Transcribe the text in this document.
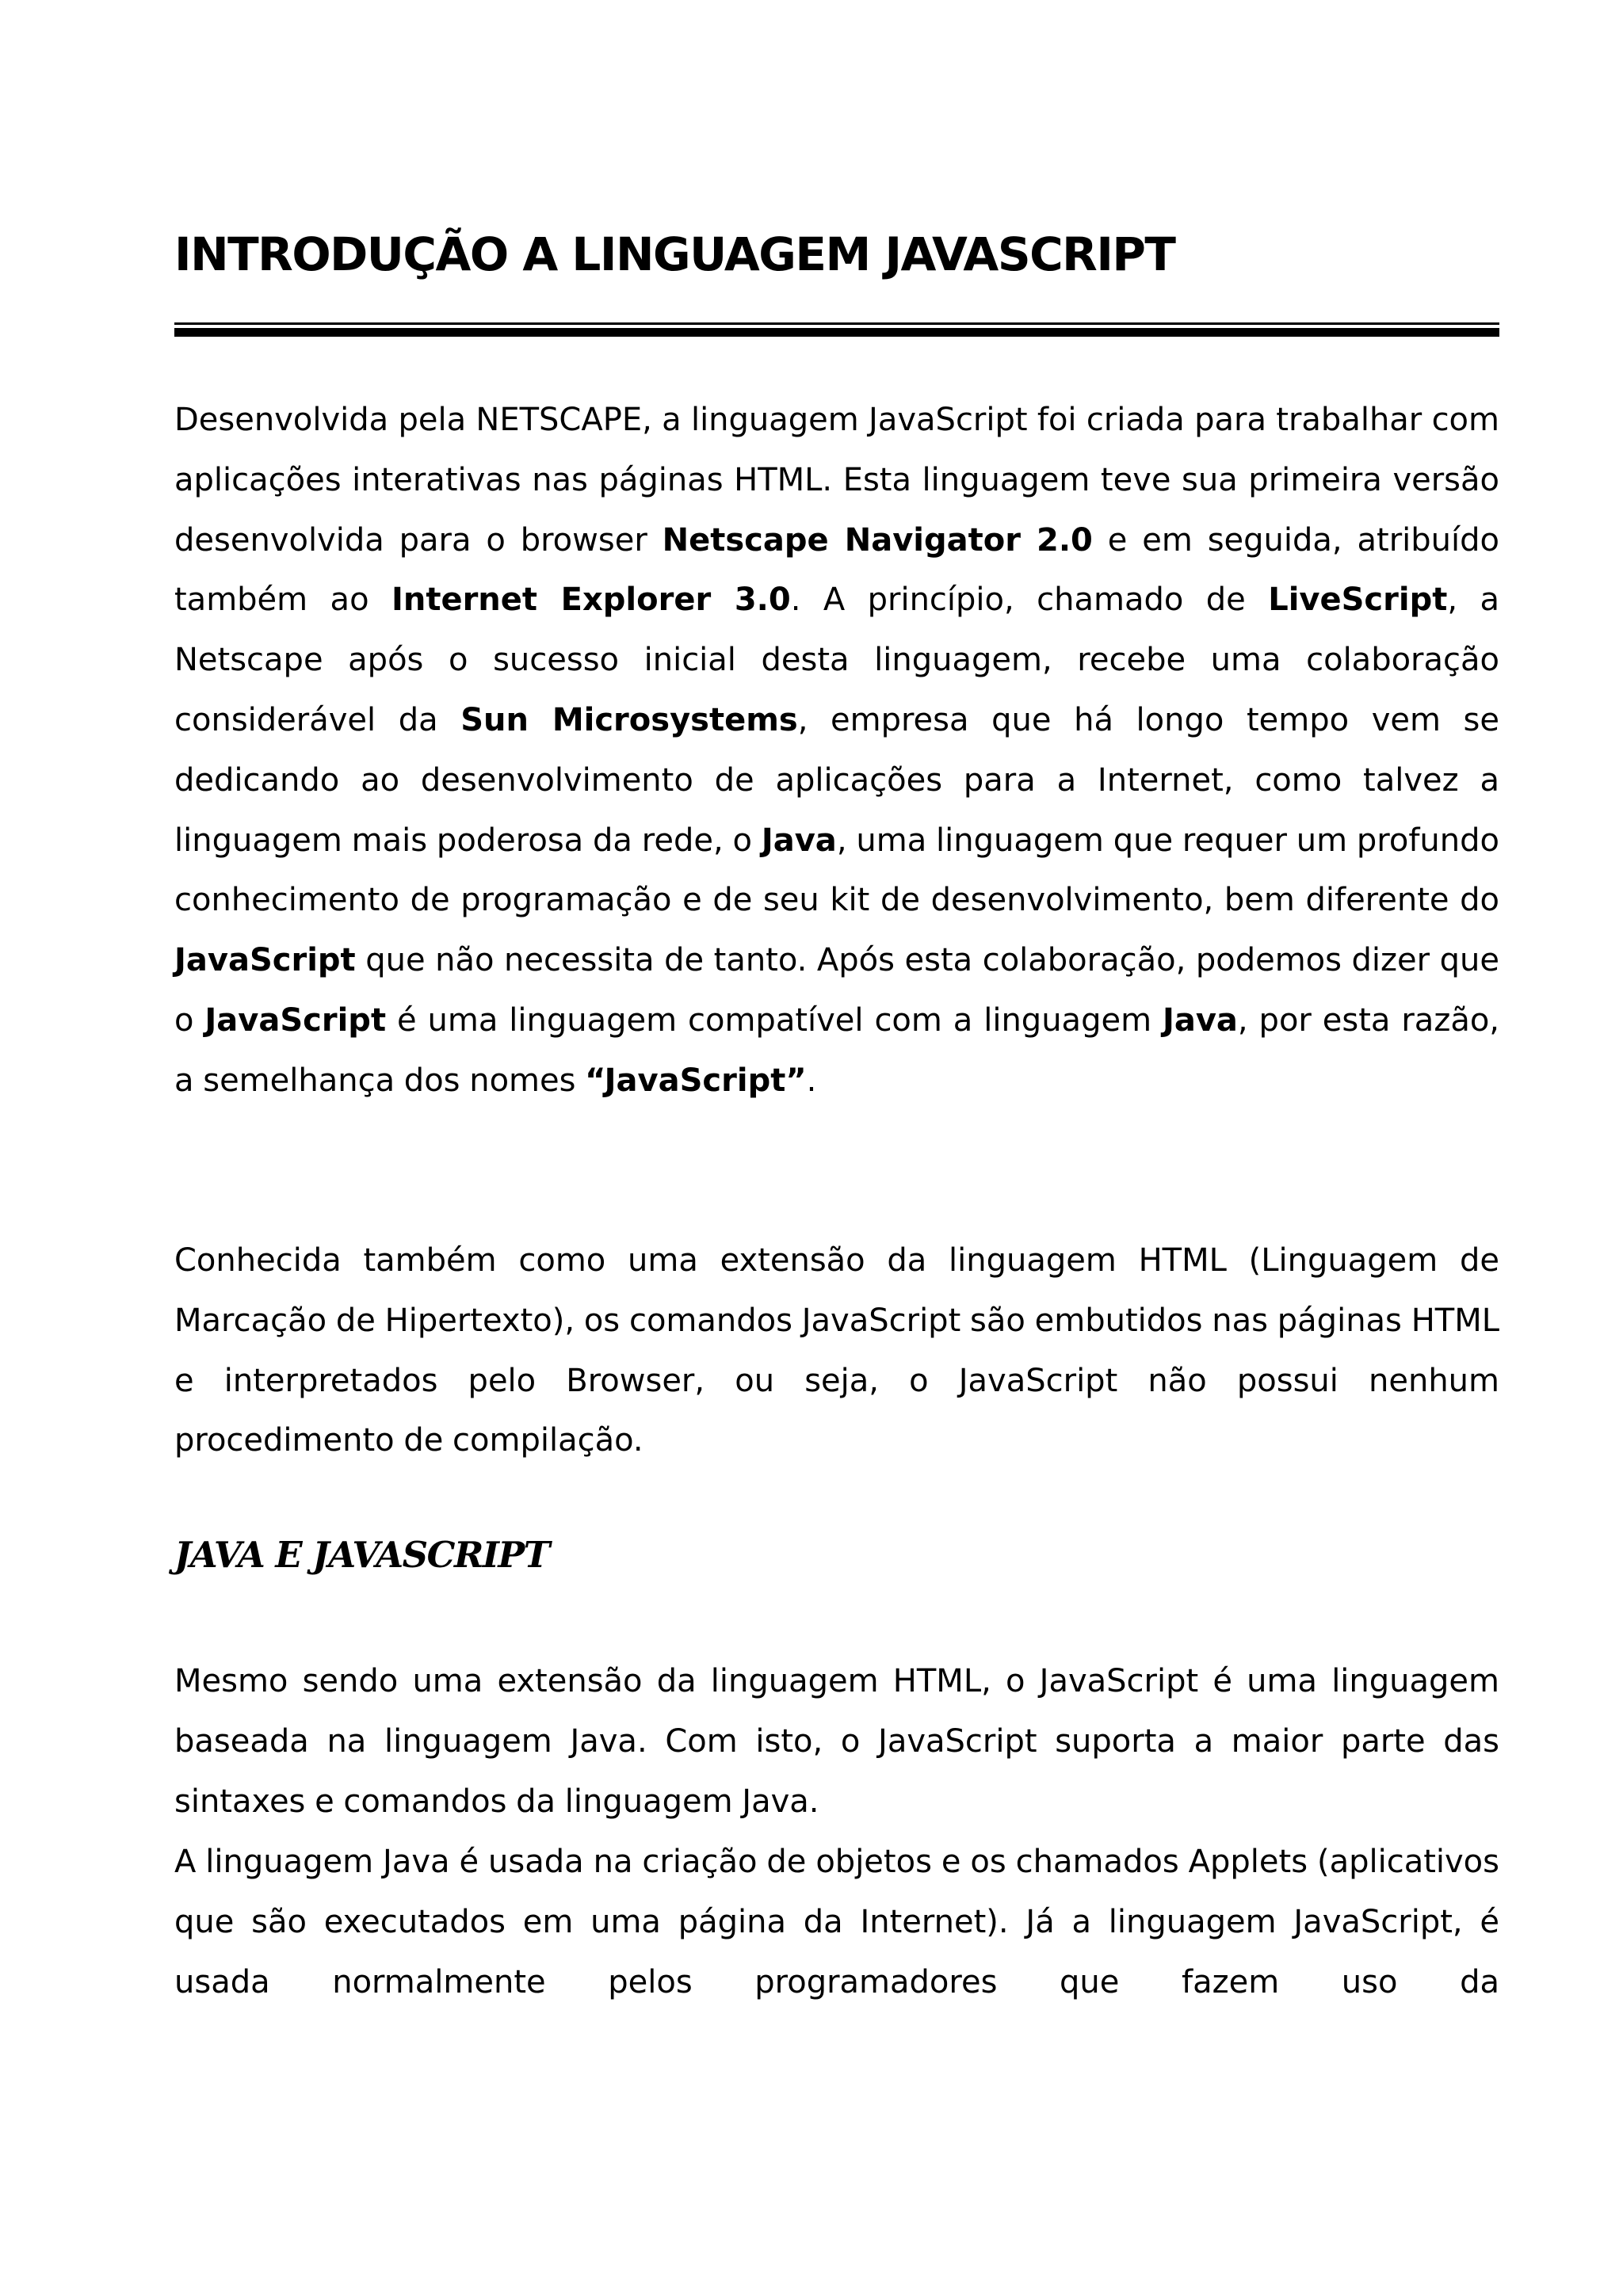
INTRODUÇÃO A LINGUAGEM JAVASCRIPT

Desenvolvida pela NETSCAPE, a linguagem JavaScript foi criada para trabalhar com aplicações interativas nas páginas HTML. Esta linguagem teve sua primeira versão desenvolvida para o browser Netscape Navigator 2.0 e em seguida, atribuído também ao Internet Explorer 3.0. A princípio, chamado de LiveScript, a Netscape após o sucesso inicial desta linguagem, recebe uma colaboração considerável da Sun Microsystems, empresa que há longo tempo vem se dedicando ao desenvolvimento de aplicações para a Internet, como talvez a linguagem mais poderosa da rede, o Java, uma linguagem que requer um profundo conhecimento de programação e de seu kit de desenvolvimento, bem diferente do JavaScript que não necessita de tanto. Após esta colaboração, podemos dizer que o JavaScript é uma linguagem compatível com a linguagem Java, por esta razão, a semelhança dos nomes “JavaScript”.

Conhecida também como uma extensão da linguagem HTML (Linguagem de Marcação de Hipertexto), os comandos JavaScript são embutidos nas páginas HTML e interpretados pelo Browser, ou seja, o JavaScript não possui nenhum procedimento de compilação.

JAVA E JAVASCRIPT

Mesmo sendo uma extensão da linguagem HTML, o JavaScript é uma linguagem baseada na linguagem Java. Com isto, o JavaScript suporta a maior parte das sintaxes e comandos da linguagem Java.

A linguagem Java é usada na criação de objetos e os chamados Applets (aplicativos que são executados em uma página da Internet). Já a linguagem JavaScript, é usada normalmente pelos programadores que fazem uso da
